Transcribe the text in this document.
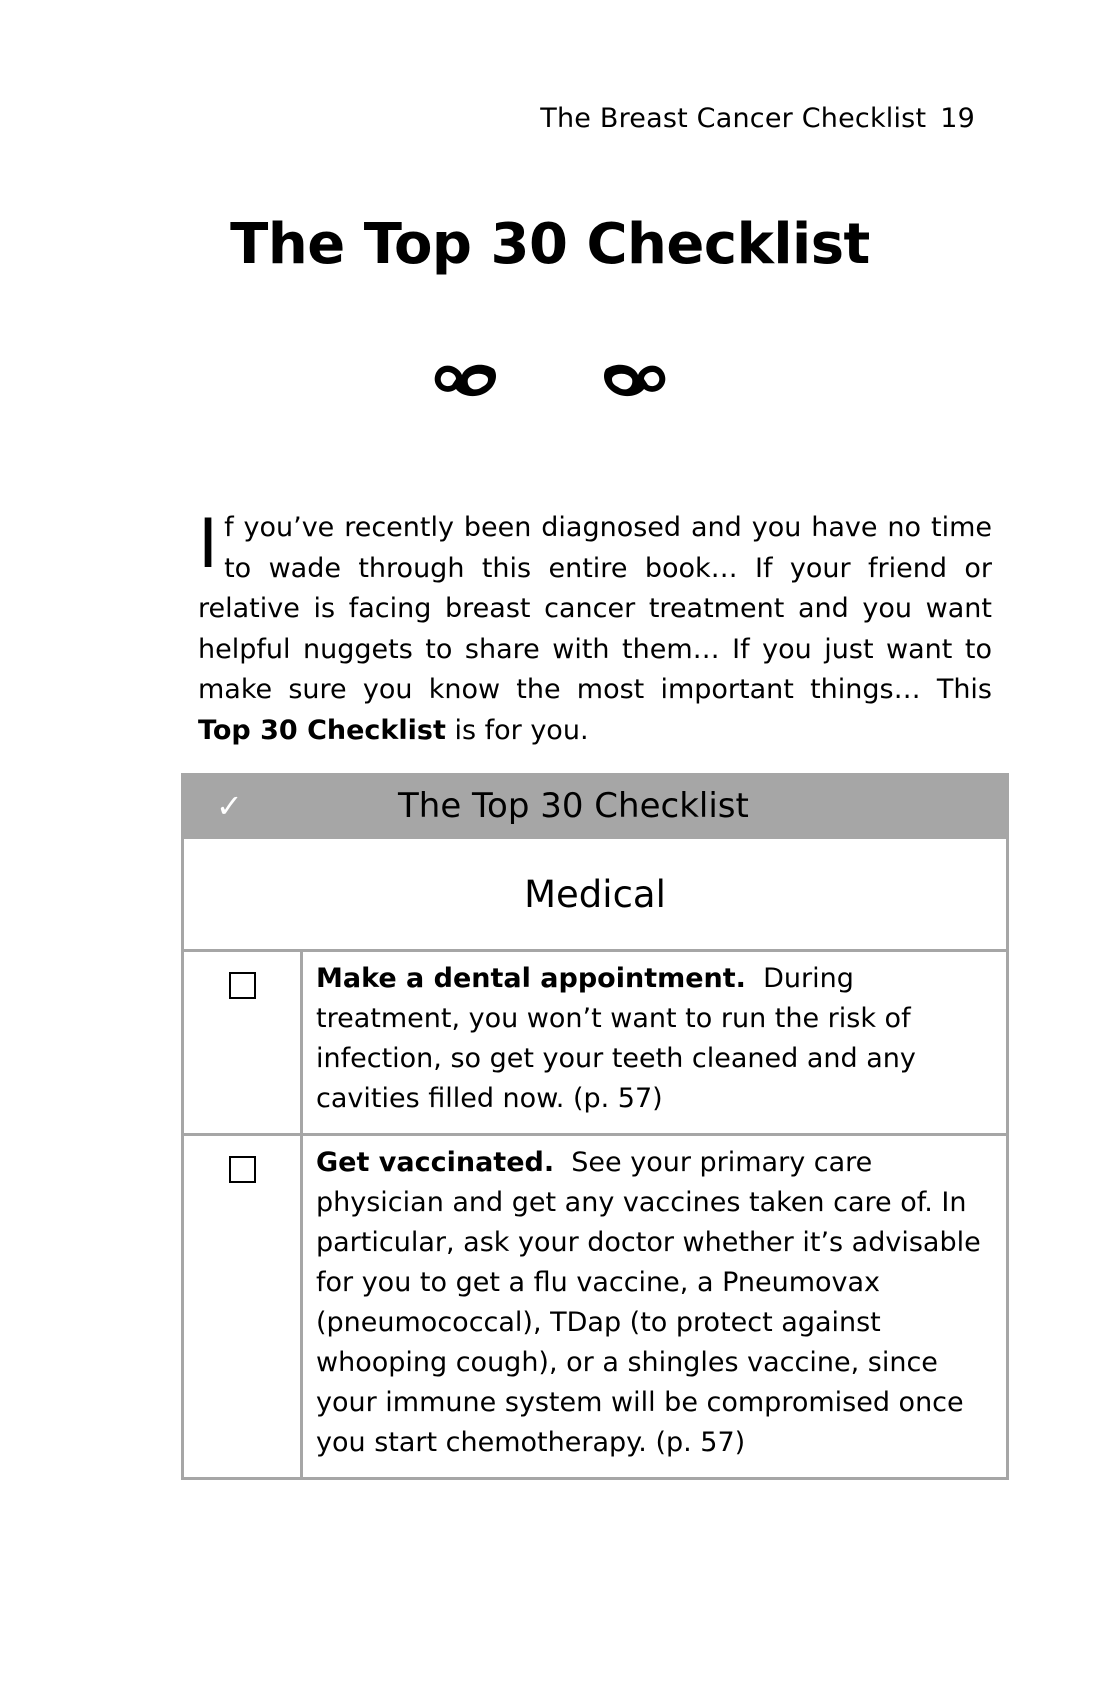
The Breast Cancer Checklist 19
The Top 30 Checklist

If you’ve recently been diagnosed and you have no time to wade through this entire book… If your friend or relative is facing breast cancer treatment and you want helpful nuggets to share with them… If you just want to make sure you know the most important things… This Top 30 Checklist is for you.
✓	The Top 30 Checklist
Medical	
	Make a dental appointment. During treatment, you won’t want to run the risk of infection, so get your teeth cleaned and any cavities filled now. (p. 57)
	Get vaccinated. See your primary care physician and get any vaccines taken care of. In particular, ask your doctor whether it’s advisable for you to get a flu vaccine, a Pneumovax (pneumococcal), TDap (to protect against whooping cough), or a shingles vaccine, since your immune system will be compromised once you start chemotherapy. (p. 57)
